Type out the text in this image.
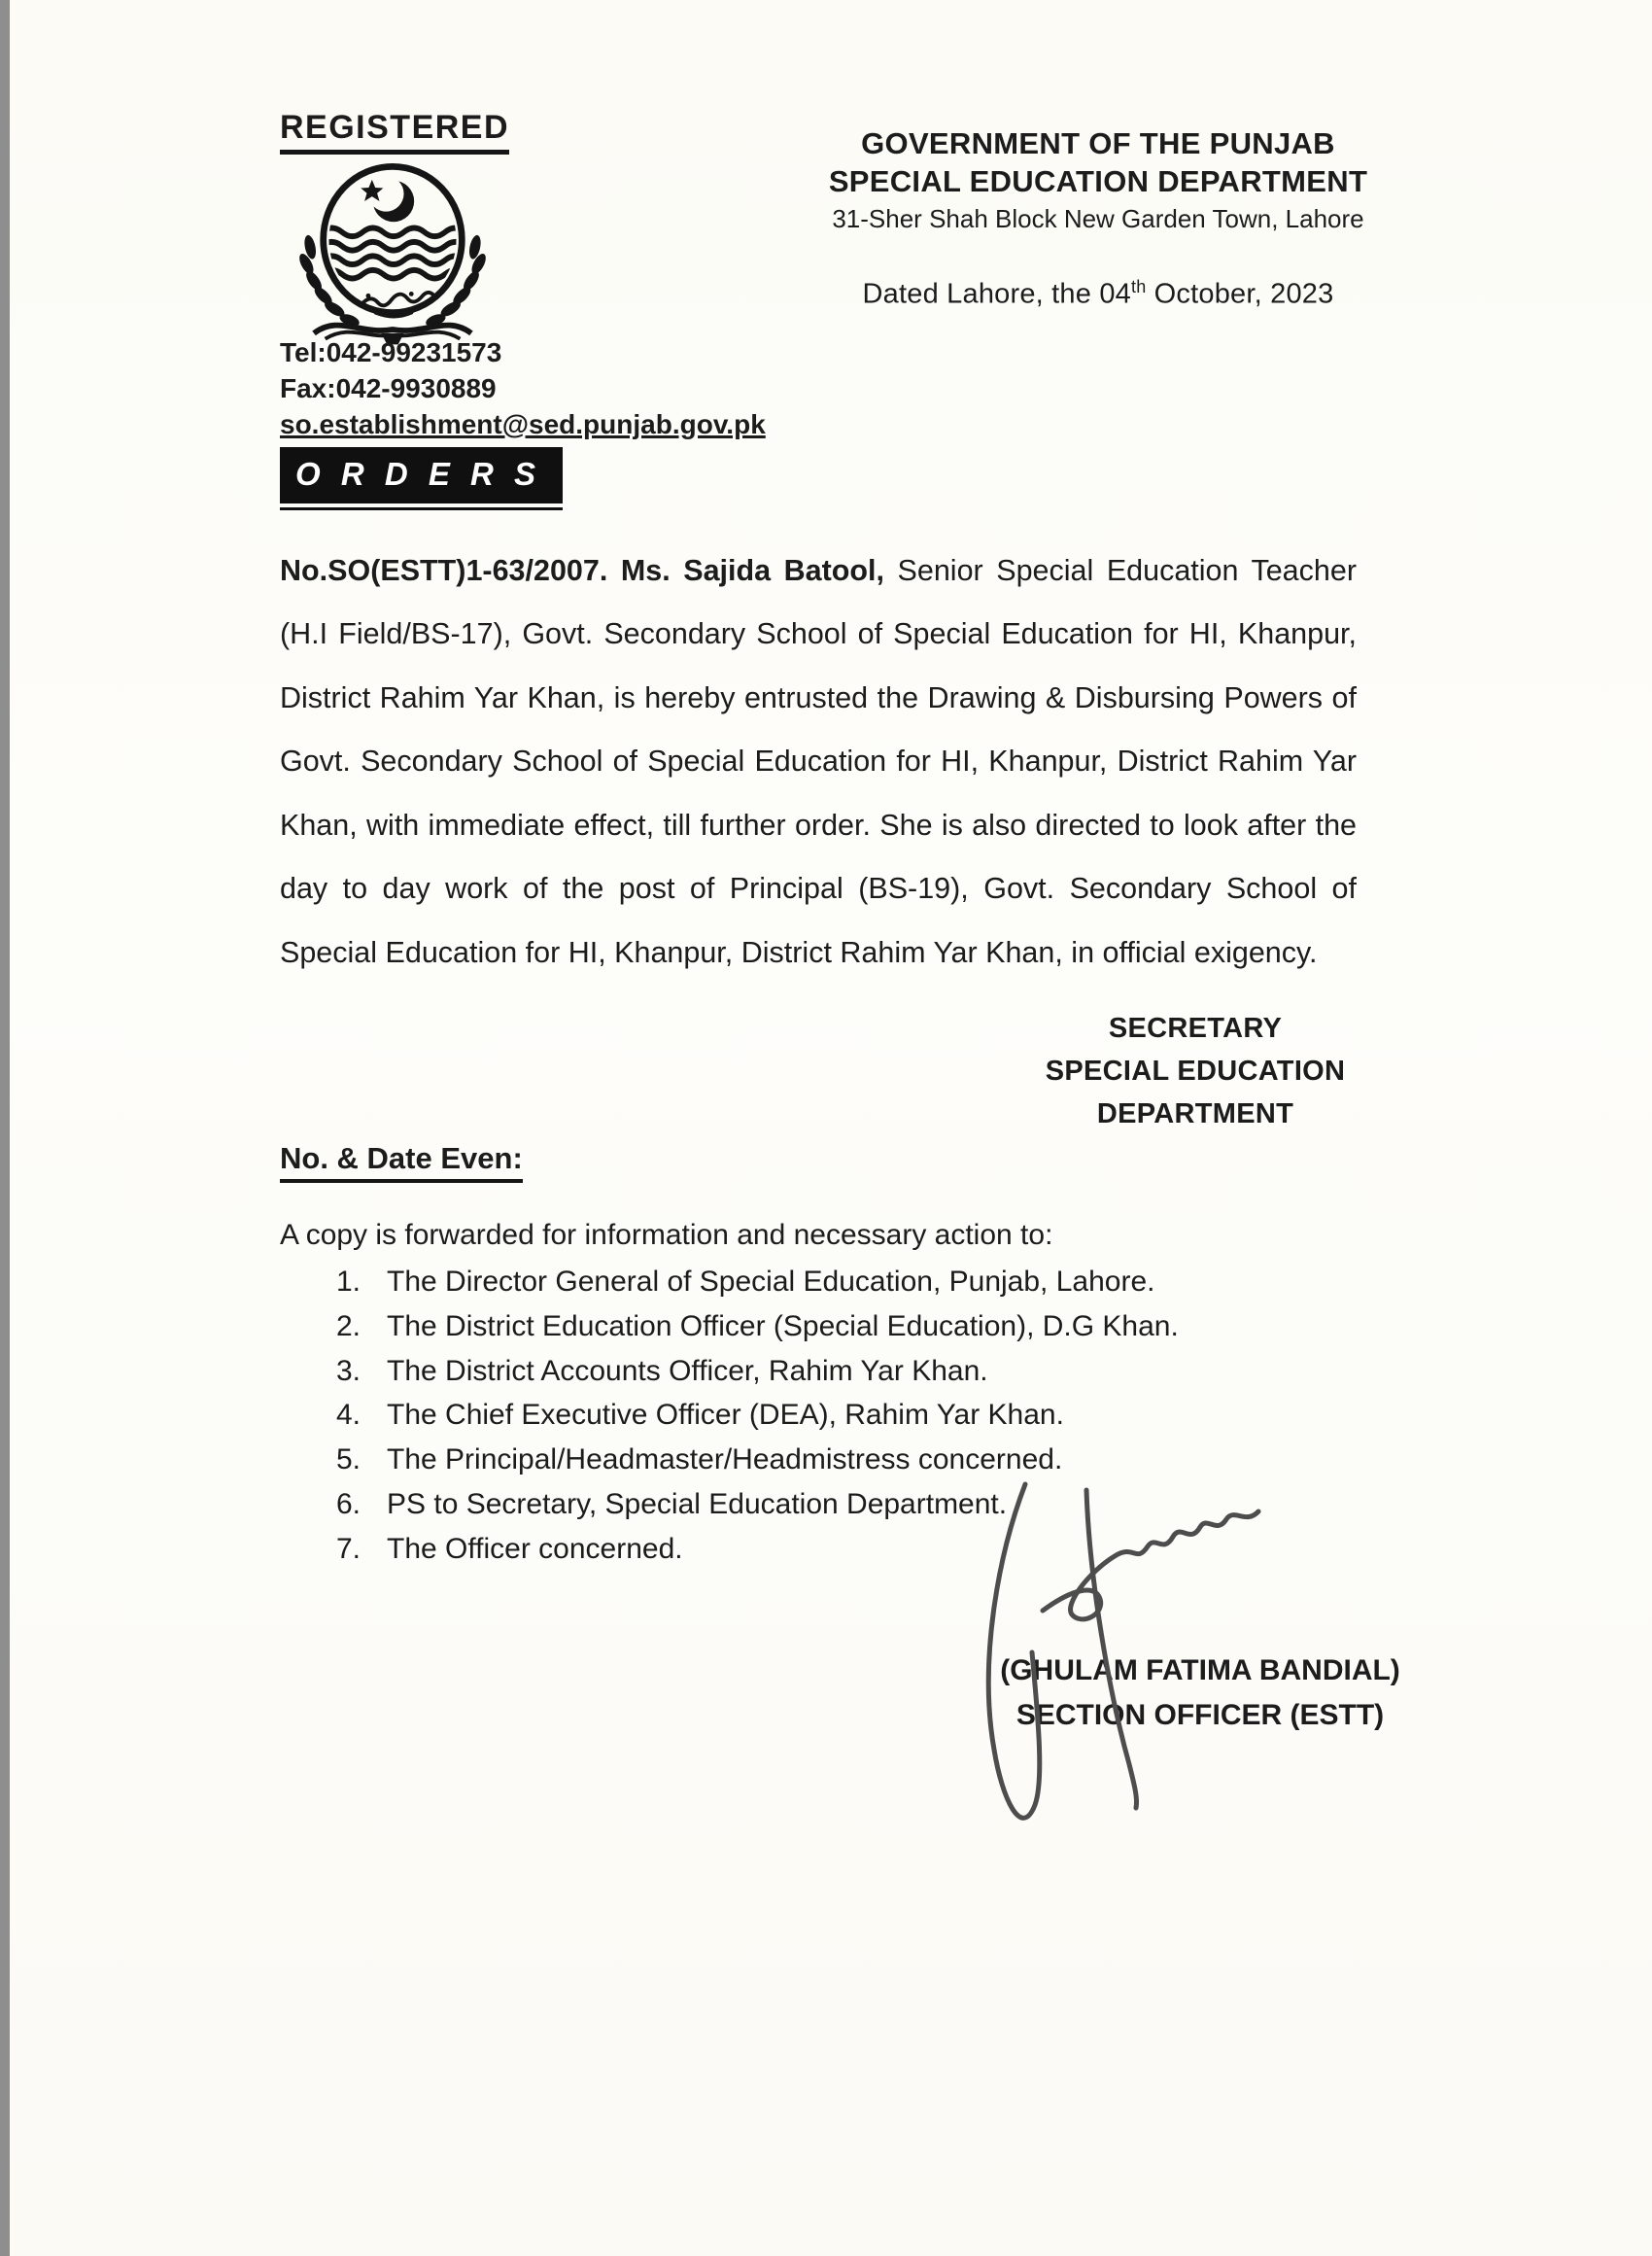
REGISTERED	GOVERNMENT OF THE PUNJAB
SPECIAL EDUCATION DEPARTMENT
31-Sher Shah Block New Garden Town, Lahore
Dated Lahore, the 04th October, 2023
Tel:042-99231573
Fax:042-9930889
so.establishment@sed.punjab.gov.pk
O R D E R S

No.SO(ESTT)1-63/2007. Ms. Sajida Batool, Senior Special Education Teacher (H.I Field/BS-17), Govt. Secondary School of Special Education for HI, Khanpur, District Rahim Yar Khan, is hereby entrusted the Drawing & Disbursing Powers of Govt. Secondary School of Special Education for HI, Khanpur, District Rahim Yar Khan, with immediate effect, till further order. She is also directed to look after the day to day work of the post of Principal (BS-19), Govt. Secondary School of Special Education for HI, Khanpur, District Rahim Yar Khan, in official exigency.

SECRETARY
SPECIAL EDUCATION
DEPARTMENT
No. & Date Even:
A copy is forwarded for information and necessary action to:
1. The Director General of Special Education, Punjab, Lahore.
2. The District Education Officer (Special Education), D.G Khan.
3. The District Accounts Officer, Rahim Yar Khan.
4. The Chief Executive Officer (DEA), Rahim Yar Khan.
5. The Principal/Headmaster/Headmistress concerned.
6. PS to Secretary, Special Education Department.
7. The Officer concerned.
(GHULAM FATIMA BANDIAL)
SECTION OFFICER (ESTT)
